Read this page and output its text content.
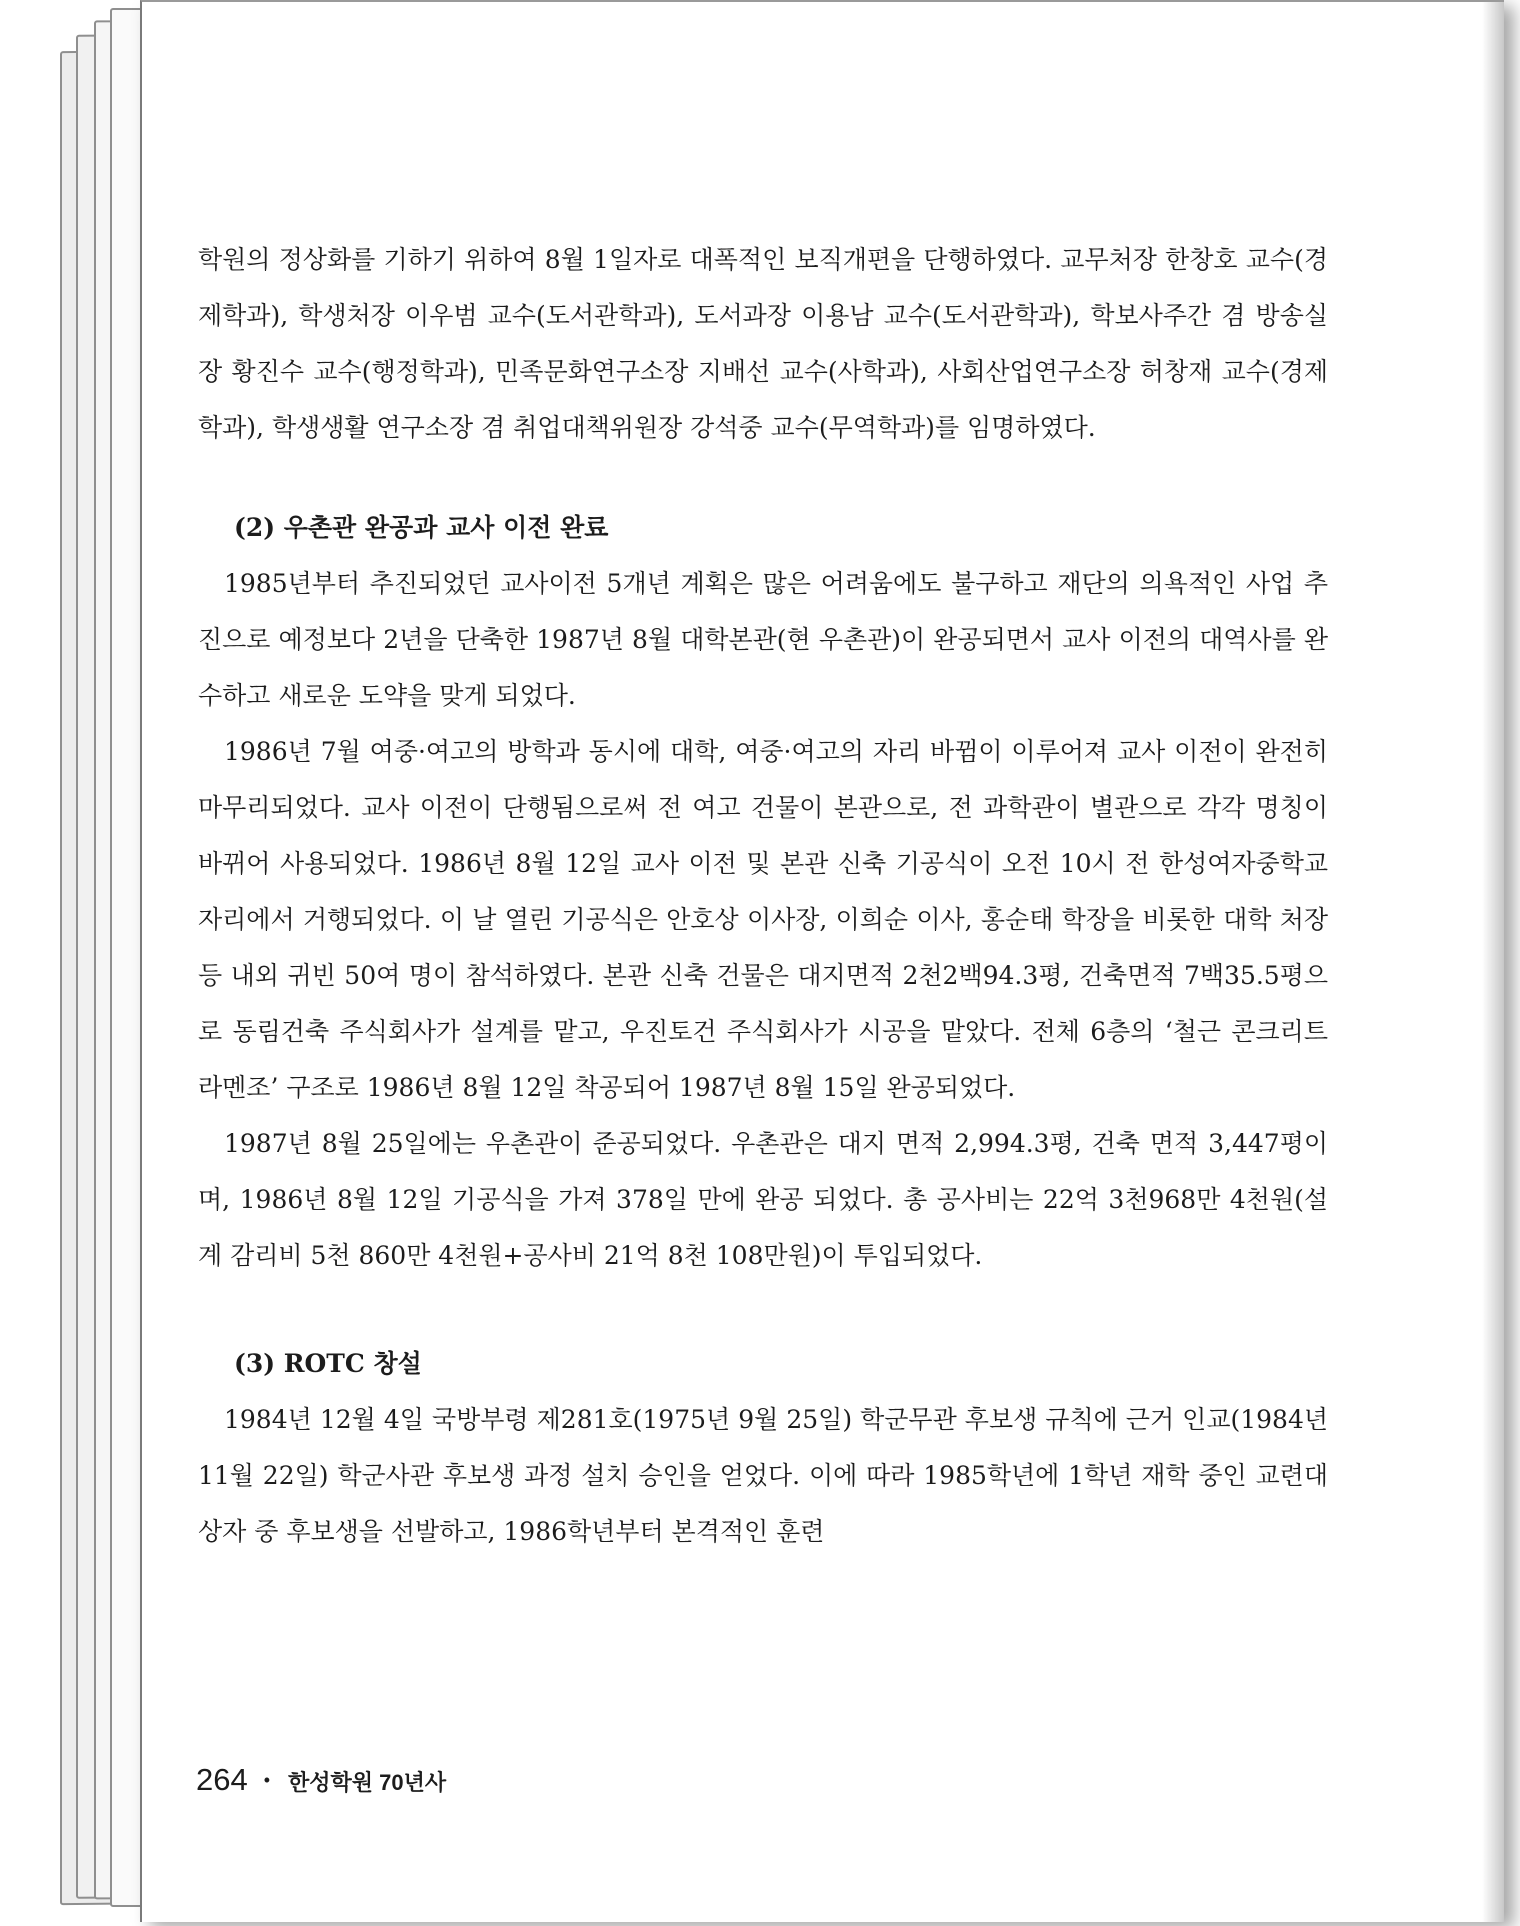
학원의 정상화를 기하기 위하여 8월 1일자로 대폭적인 보직개편을 단행하였다. 교무처장 한창호 교수(경제학과), 학생처장 이우범 교수(도서관학과), 도서과장 이용남 교수(도서관학과), 학보사주간 겸 방송실장 황진수 교수(행정학과), 민족문화연구소장 지배선 교수(사학과), 사회산업연구소장 허창재 교수(경제학과), 학생생활 연구소장 겸 취업대책위원장 강석중 교수(무역학과)를 임명하였다.

(2) 우촌관 완공과 교사 이전 완료

1985년부터 추진되었던 교사이전 5개년 계획은 많은 어려움에도 불구하고 재단의 의욕적인 사업 추진으로 예정보다 2년을 단축한 1987년 8월 대학본관(현 우촌관)이 완공되면서 교사 이전의 대역사를 완수하고 새로운 도약을 맞게 되었다.

1986년 7월 여중·여고의 방학과 동시에 대학, 여중·여고의 자리 바뀜이 이루어져 교사 이전이 완전히 마무리되었다. 교사 이전이 단행됨으로써 전 여고 건물이 본관으로, 전 과학관이 별관으로 각각 명칭이 바뀌어 사용되었다. 1986년 8월 12일 교사 이전 및 본관 신축 기공식이 오전 10시 전 한성여자중학교자리에서 거행되었다. 이 날 열린 기공식은 안호상 이사장, 이희순 이사, 홍순태 학장을 비롯한 대학 처장 등 내외 귀빈 50여 명이 참석하였다. 본관 신축 건물은 대지면적 2천2백94.3평, 건축면적 7백35.5평으로 동림건축 주식회사가 설계를 맡고, 우진토건 주식회사가 시공을 맡았다. 전체 6층의 ‘철근 콘크리트 라멘조’ 구조로 1986년 8월 12일 착공되어 1987년 8월 15일 완공되었다.

1987년 8월 25일에는 우촌관이 준공되었다. 우촌관은 대지 면적 2,994.3평, 건축 면적 3,447평이며, 1986년 8월 12일 기공식을 가져 378일 만에 완공 되었다. 총 공사비는 22억 3천968만 4천원(설계 감리비 5천 860만 4천원+공사비 21억 8천 108만원)이 투입되었다.

(3) ROTC 창설

1984년 12월 4일 국방부령 제281호(1975년 9월 25일) 학군무관 후보생 규칙에 근거 인교(1984년 11월 22일) 학군사관 후보생 과정 설치 승인을 얻었다. 이에 따라 1985학년에 1학년 재학 중인 교련대상자 중 후보생을 선발하고, 1986학년부터 본격적인 훈련

264 • 한성학원 70년사
